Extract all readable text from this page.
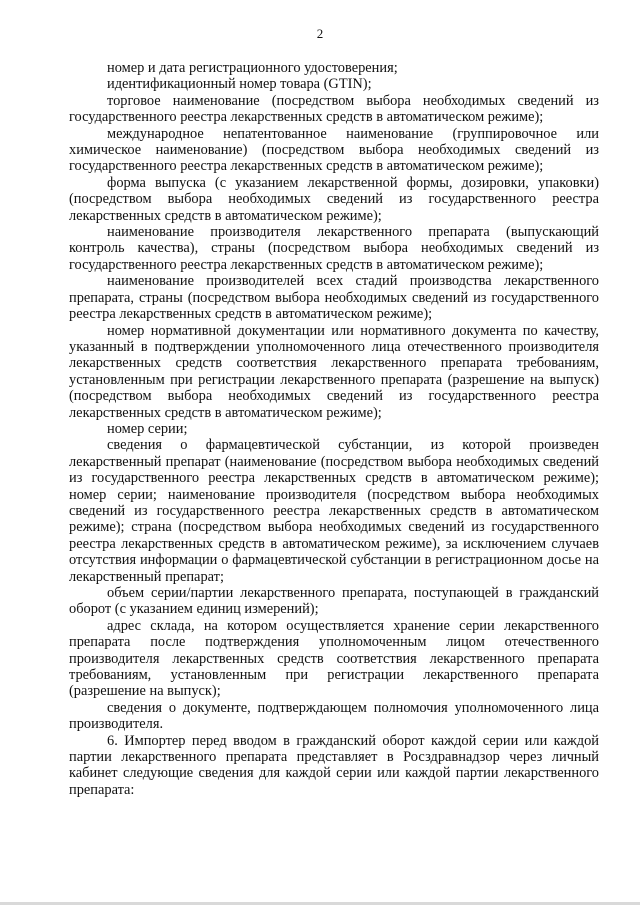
2

номер и дата регистрационного удостоверения;

идентификационный номер товара (GTIN);

торговое наименование (посредством выбора необходимых сведений из государственного реестра лекарственных средств в автоматическом режиме);

международное непатентованное наименование (группировочное или химическое наименование) (посредством выбора необходимых сведений из государственного реестра лекарственных средств в автоматическом режиме);

форма выпуска (с указанием лекарственной формы, дозировки, упаковки) (посредством выбора необходимых сведений из государственного реестра лекарственных средств в автоматическом режиме);

наименование производителя лекарственного препарата (выпускающий контроль качества), страны (посредством выбора необходимых сведений из государственного реестра лекарственных средств в автоматическом режиме);

наименование производителей всех стадий производства лекарственного препарата, страны (посредством выбора необходимых сведений из государственного реестра лекарственных средств в автоматическом режиме);

номер нормативной документации или нормативного документа по качеству, указанный в подтверждении уполномоченного лица отечественного производителя лекарственных средств соответствия лекарственного препарата требованиям, установленным при регистрации лекарственного препарата (разрешение на выпуск) (посредством выбора необходимых сведений из государственного реестра лекарственных средств в автоматическом режиме);

номер серии;

сведения о фармацевтической субстанции, из которой произведен лекарственный препарат (наименование (посредством выбора необходимых сведений из государственного реестра лекарственных средств в автоматическом режиме); номер серии; наименование производителя (посредством выбора необходимых сведений из государственного реестра лекарственных средств в автоматическом режиме); страна (посредством выбора необходимых сведений из государственного реестра лекарственных средств в автоматическом режиме), за исключением случаев отсутствия информации о фармацевтической субстанции в регистрационном досье на лекарственный препарат;

объем серии/партии лекарственного препарата, поступающей в гражданский оборот (с указанием единиц измерений);

адрес склада, на котором осуществляется хранение серии лекарственного препарата после подтверждения уполномоченным лицом отечественного производителя лекарственных средств соответствия лекарственного препарата требованиям, установленным при регистрации лекарственного препарата (разрешение на выпуск);

сведения о документе, подтверждающем полномочия уполномоченного лица производителя.

6. Импортер перед вводом в гражданский оборот каждой серии или каждой партии лекарственного препарата представляет в Росздравнадзор через личный кабинет следующие сведения для каждой серии или каждой партии лекарственного препарата:
